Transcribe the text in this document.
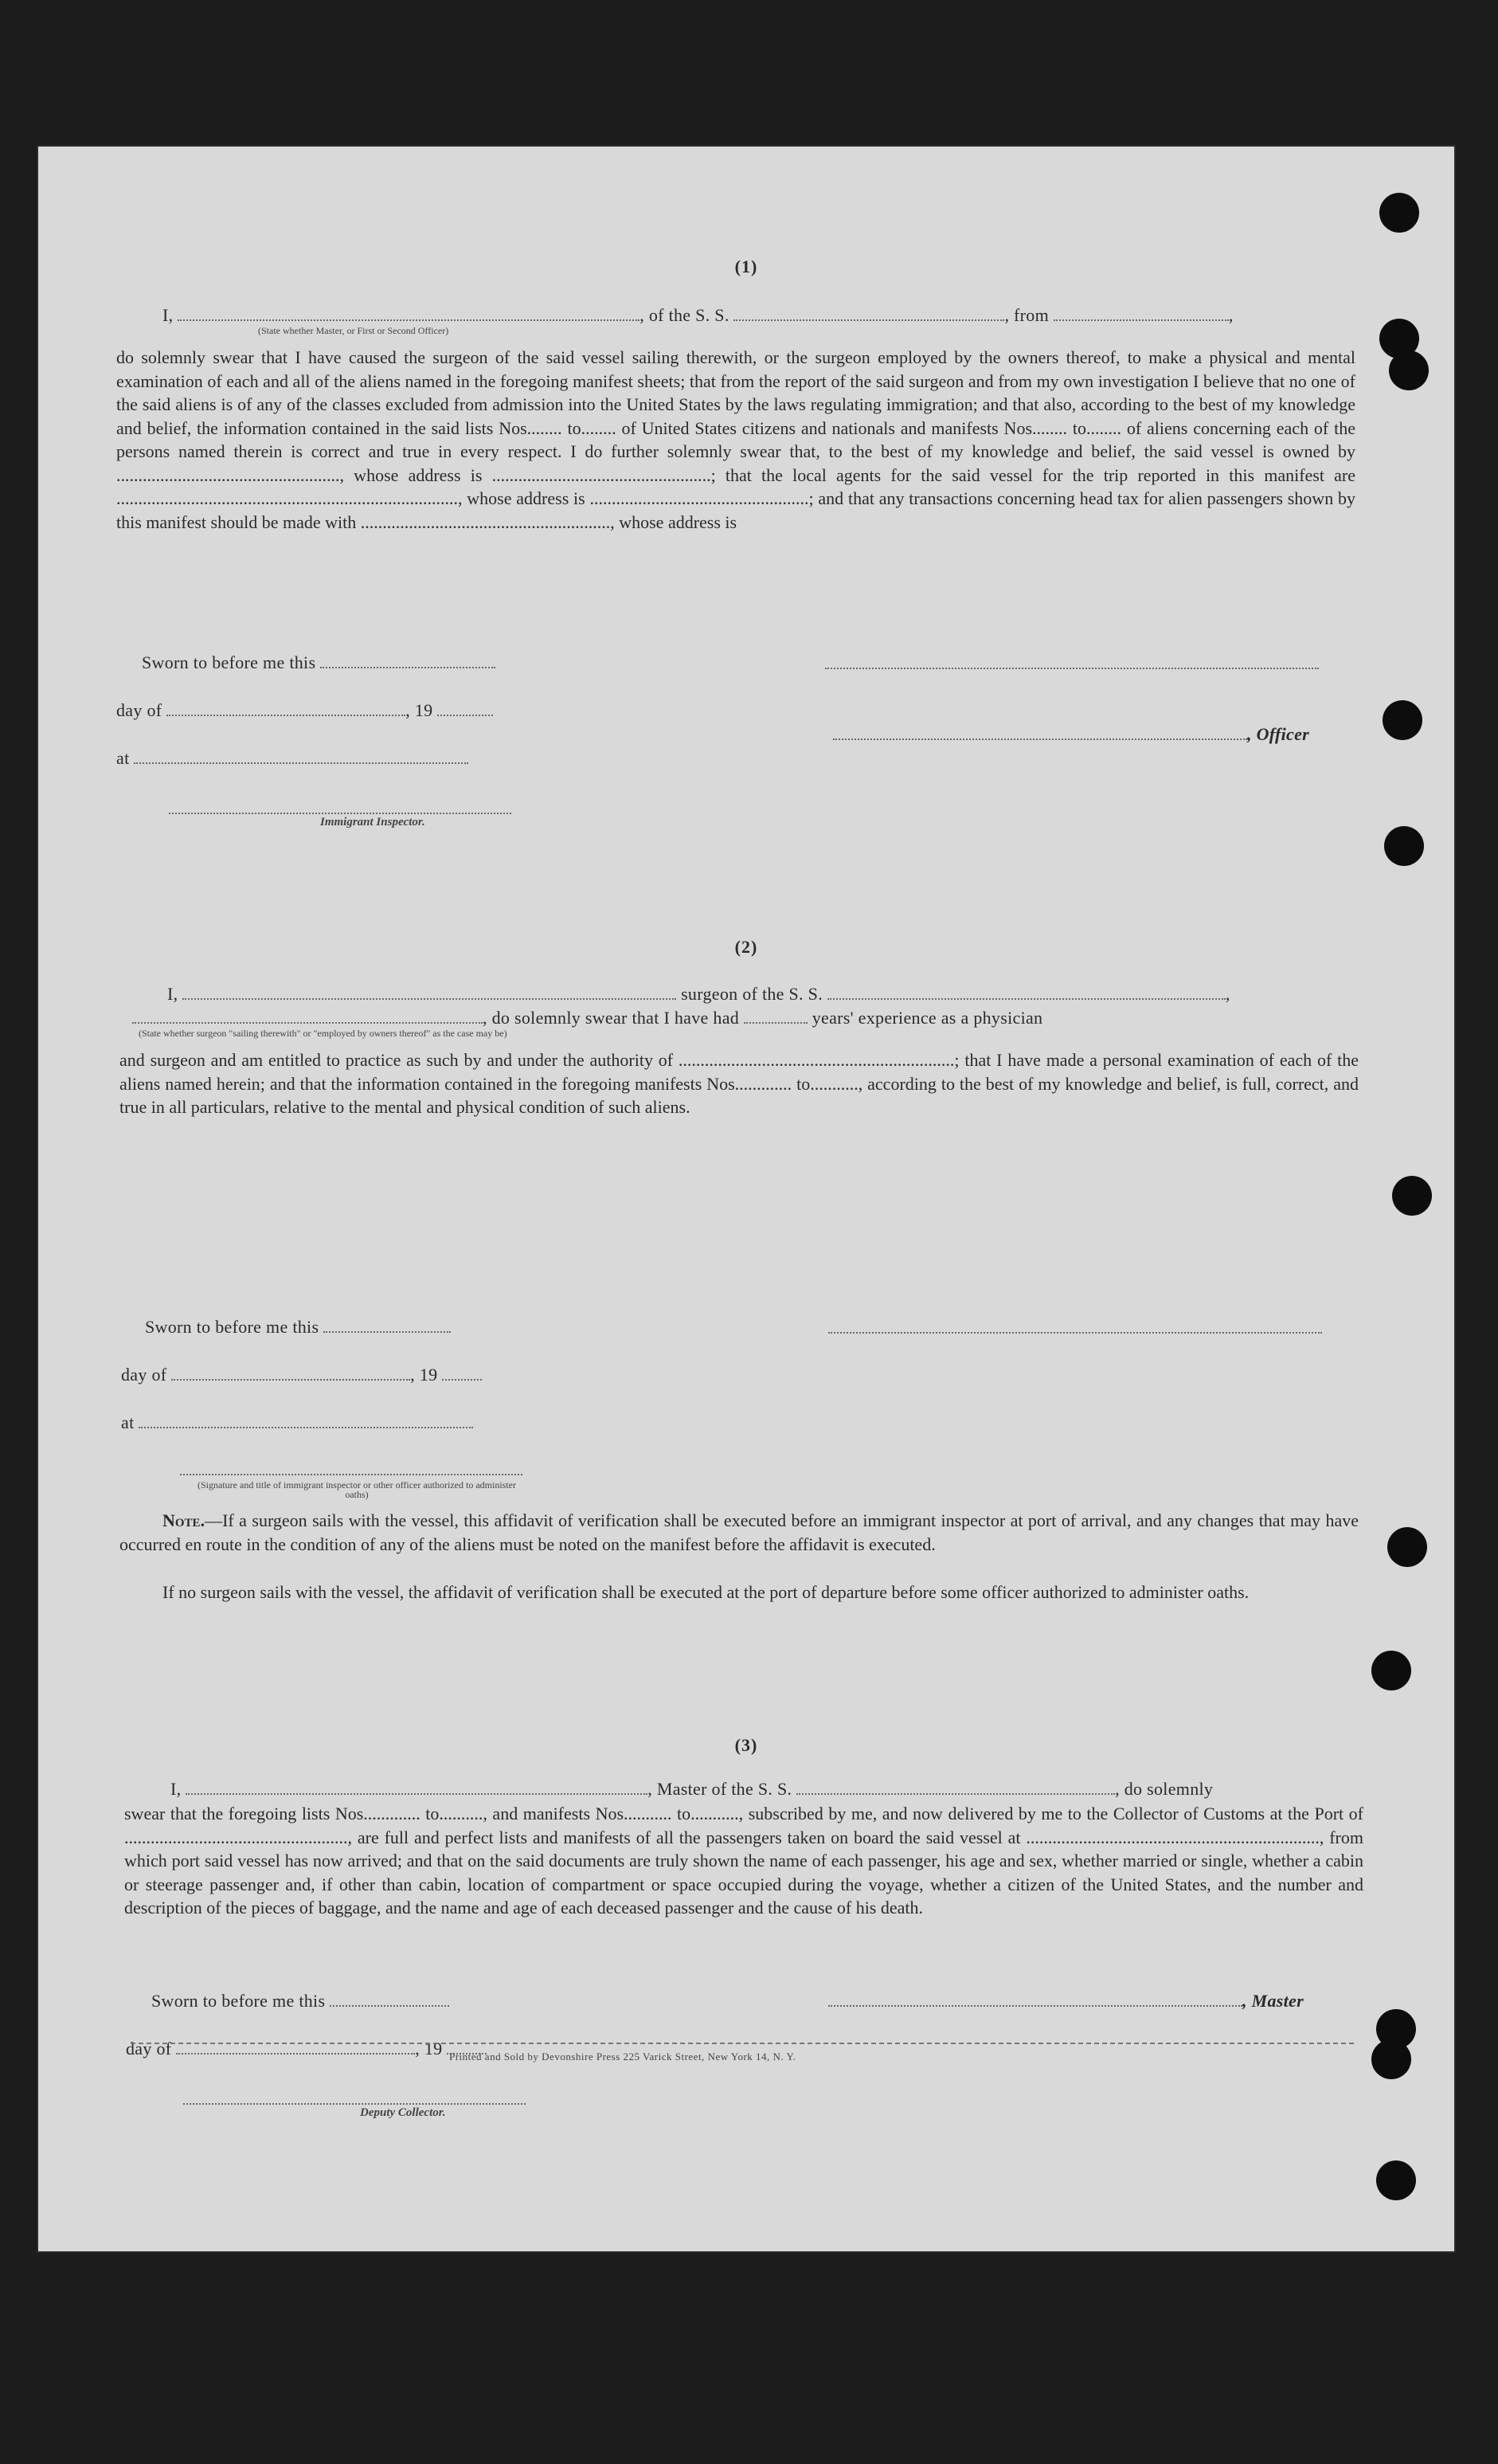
(1)
I,	, of the S. S.	, from	,
(State whether Master, or First or Second Officer)
do solemnly swear that I have caused the surgeon of the said vessel sailing therewith, or the surgeon employed by the owners thereof, to make a physical and mental examination of each and all of the aliens named in the foregoing manifest sheets; that from the report of the said surgeon and from my own investigation I believe that no one of the said aliens is of any of the classes excluded from admission into the United States by the laws regulating immigration; and that also, according to the best of my knowledge and belief, the information contained in the said lists Nos........ to........ of United States citizens and nationals and manifests Nos........ to........ of aliens concerning each of the persons named therein is correct and true in every respect. I do further solemnly swear that, to the best of my knowledge and belief, the said vessel is owned by ..................................................., whose address is ..................................................; that the local agents for the said vessel for the trip reported in this manifest are .............................................................................., whose address is ..................................................; and that any transactions concerning head tax for alien passengers shown by this manifest should be made with ........................................................., whose address is
Sworn to before me this
day of	, 19
, Officer
at
Immigrant Inspector.
(2)
I,	surgeon of the S. S.	,
, do solemnly swear that I have had	years' experience as a physician
(State whether surgeon "sailing therewith" or "employed by owners thereof" as the case may be)
and surgeon and am entitled to practice as such by and under the authority of ...............................................................; that I have made a personal examination of each of the aliens named herein; and that the information contained in the foregoing manifests Nos............. to..........., according to the best of my knowledge and belief, is full, correct, and true in all particulars, relative to the mental and physical condition of such aliens.
Sworn to before me this
day of	, 19
at
(Signature and title of immigrant inspector or other officer authorized to administer oaths)
Note.—If a surgeon sails with the vessel, this affidavit of verification shall be executed before an immigrant inspector at port of arrival, and any changes that may have occurred en route in the condition of any of the aliens must be noted on the manifest before the affidavit is executed.
If no surgeon sails with the vessel, the affidavit of verification shall be executed at the port of departure before some officer authorized to administer oaths.
(3)
I,	, Master of the S. S.	, do solemnly
swear that the foregoing lists Nos............. to.........., and manifests Nos........... to..........., subscribed by me, and now delivered by me to the Collector of Customs at the Port of ..................................................., are full and perfect lists and manifests of all the passengers taken on board the said vessel at ..................................................................., from which port said vessel has now arrived; and that on the said documents are truly shown the name of each passenger, his age and sex, whether married or single, whether a cabin or steerage passenger and, if other than cabin, location of compartment or space occupied during the voyage, whether a citizen of the United States, and the number and description of the pieces of baggage, and the name and age of each deceased passenger and the cause of his death.
Sworn to before me this	, Master
day of	, 19
Deputy Collector.
Printed and Sold by Devonshire Press 225 Varick Street, New York 14, N. Y.
